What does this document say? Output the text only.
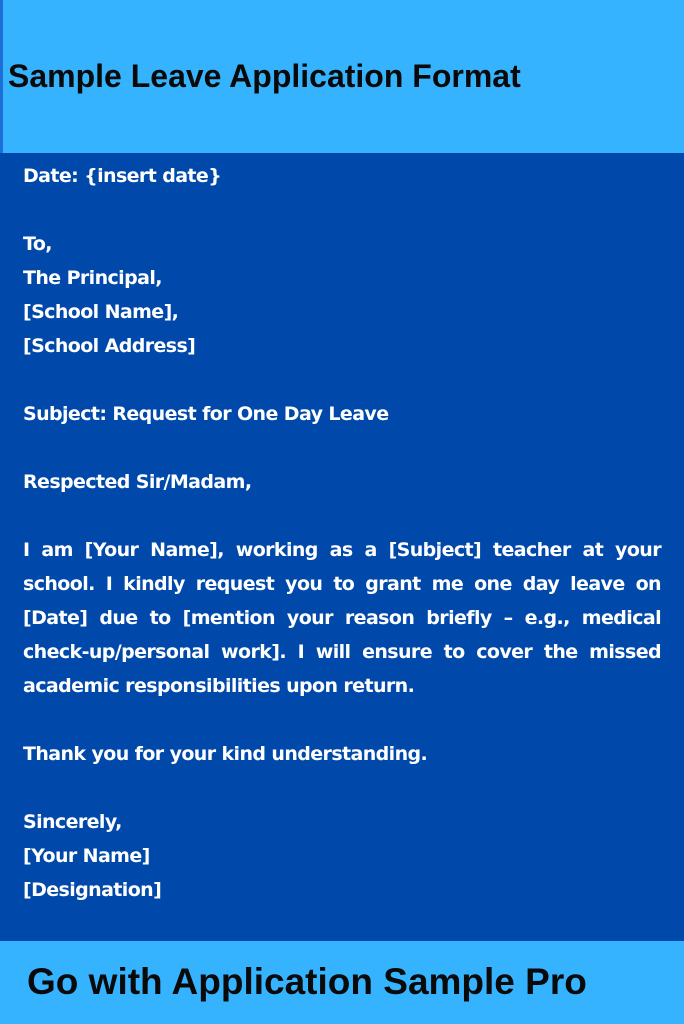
Sample Leave Application Format

Date: {insert date}

To,

The Principal,

[School Name],

[School Address]

Subject: Request for One Day Leave

Respected Sir/Madam,

I am [Your Name], working as a [Subject] teacher at your school. I kindly request you to grant me one day leave on [Date] due to [mention your reason briefly – e.g., medical check-up/personal work]. I will ensure to cover the missed academic responsibilities upon return.

Thank you for your kind understanding.

Sincerely,

[Your Name]

[Designation]

Go with Application Sample Pro
